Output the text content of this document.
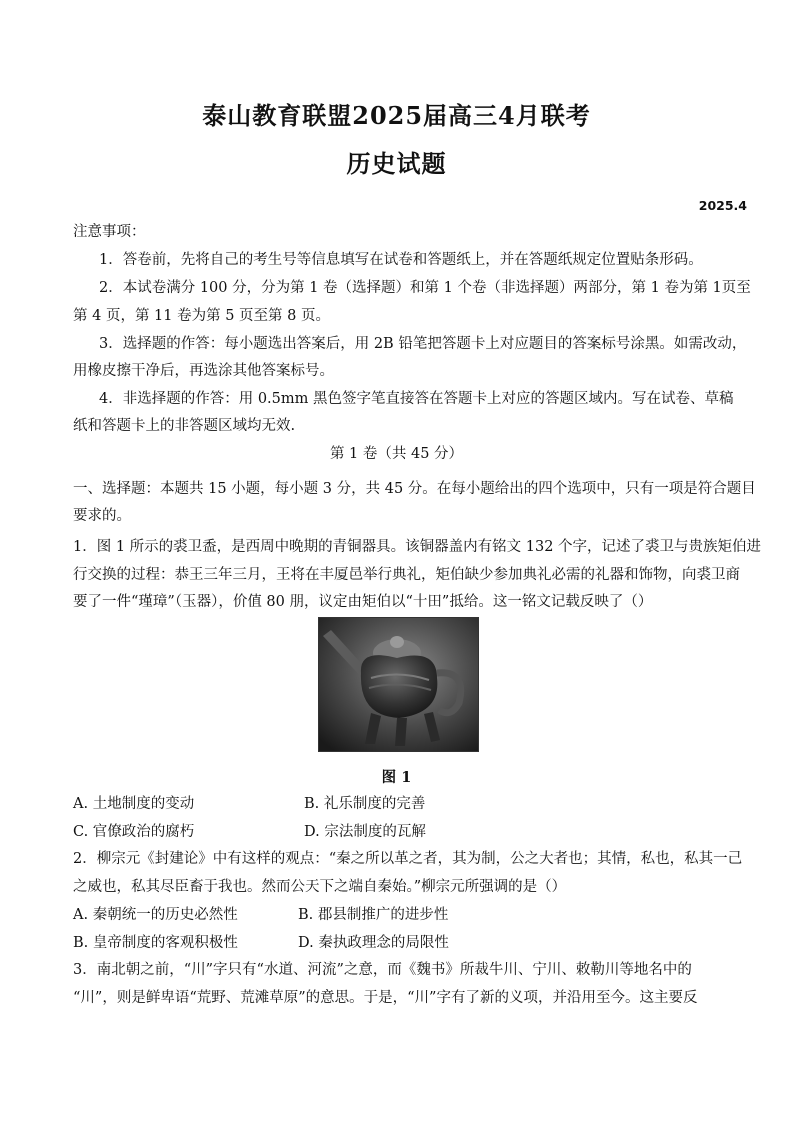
泰山教育联盟2025届高三4月联考
历史试题
2025.4
注意事项：
1．答卷前，先将自己的考生号等信息填写在试卷和答题纸上，并在答题纸规定位置贴条形码。
2．本试卷满分 100 分，分为第 1 卷（选择题）和第 1 个卷（非选择题）两部分，第 1 卷为第 1页至
第 4 页，第 11 卷为第 5 页至第 8 页。
3．选择题的作答：每小题选出答案后，用 2B 铅笔把答题卡上对应题目的答案标号涂黑。如需改动，
用橡皮擦干净后，再选涂其他答案标号。
4．非选择题的作答：用 0.5mm 黑色签字笔直接答在答题卡上对应的答题区域内。写在试卷、草稿
纸和答题卡上的非答题区域均无效.
第 1 卷（共 45 分）
一、选择题：本题共 15 小题，每小题 3 分，共 45 分。在每小题给出的四个选项中，只有一项是符合题目
要求的。
1．图 1 所示的裘卫盉，是西周中晚期的青铜器具。该铜器盖内有铭文 132 个字，记述了裘卫与贵族矩伯进
行交换的过程：恭王三年三月，王将在丰厦邑举行典礼，矩伯缺少参加典礼必需的礼器和饰物，向裘卫商
要了一件“瑾璋”（玉器），价值 80 朋，议定由矩伯以“十田”抵给。这一铭文记载反映了（）
图 1
A. 土地制度的变动	B. 礼乐制度的完善
C. 官僚政治的腐朽	D. 宗法制度的瓦解
2．柳宗元《封建论》中有这样的观点：“秦之所以革之者，其为制，公之大者也；其情，私也，私其一己
之威也，私其尽臣畜于我也。然而公天下之端自秦始。”柳宗元所强调的是（）
A. 秦朝统一的历史必然性	B. 郡县制推广的进步性
B. 皇帝制度的客观积极性	D. 秦执政理念的局限性
3．南北朝之前，“川”字只有“水道、河流”之意，而《魏书》所裁牛川、宁川、敕勒川等地名中的
“川”，则是鲜卑语“荒野、荒滩草原”的意思。于是，“川”字有了新的义项，并沿用至今。这主要反
